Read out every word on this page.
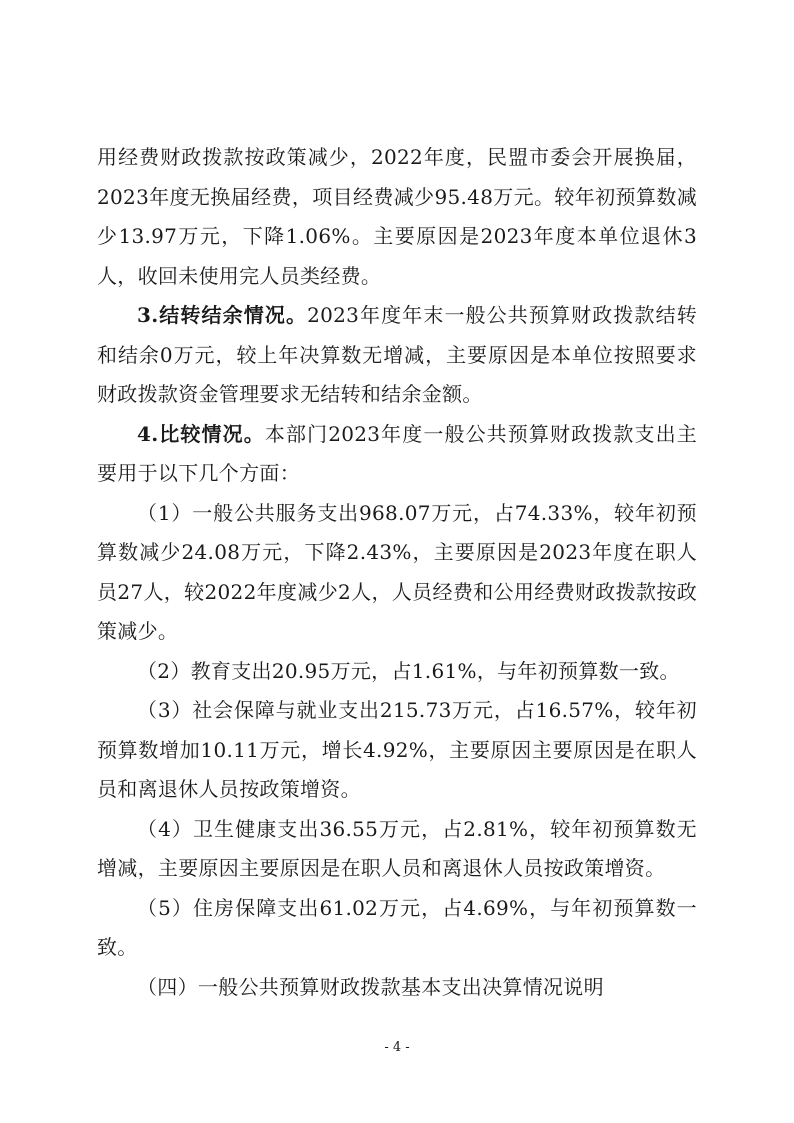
用经费财政拨款按政策减少，2022年度，民盟市委会开展换届，2023年度无换届经费，项目经费减少95.48万元。较年初预算数减少13.97万元，下降1.06%。主要原因是2023年度本单位退休3人，收回未使用完人员类经费。

3.结转结余情况。2023年度年末一般公共预算财政拨款结转和结余0万元，较上年决算数无增减，主要原因是本单位按照要求财政拨款资金管理要求无结转和结余金额。

4.比较情况。本部门2023年度一般公共预算财政拨款支出主要用于以下几个方面：

（1）一般公共服务支出968.07万元，占74.33%，较年初预算数减少24.08万元，下降2.43%，主要原因是2023年度在职人员27人，较2022年度减少2人，人员经费和公用经费财政拨款按政策减少。

（2）教育支出20.95万元，占1.61%，与年初预算数一致。

（3）社会保障与就业支出215.73万元，占16.57%，较年初预算数增加10.11万元，增长4.92%，主要原因主要原因是在职人员和离退休人员按政策增资。

（4）卫生健康支出36.55万元，占2.81%，较年初预算数无增减，主要原因主要原因是在职人员和离退休人员按政策增资。

（5）住房保障支出61.02万元，占4.69%，与年初预算数一致。

（四）一般公共预算财政拨款基本支出决算情况说明

- 4 -
